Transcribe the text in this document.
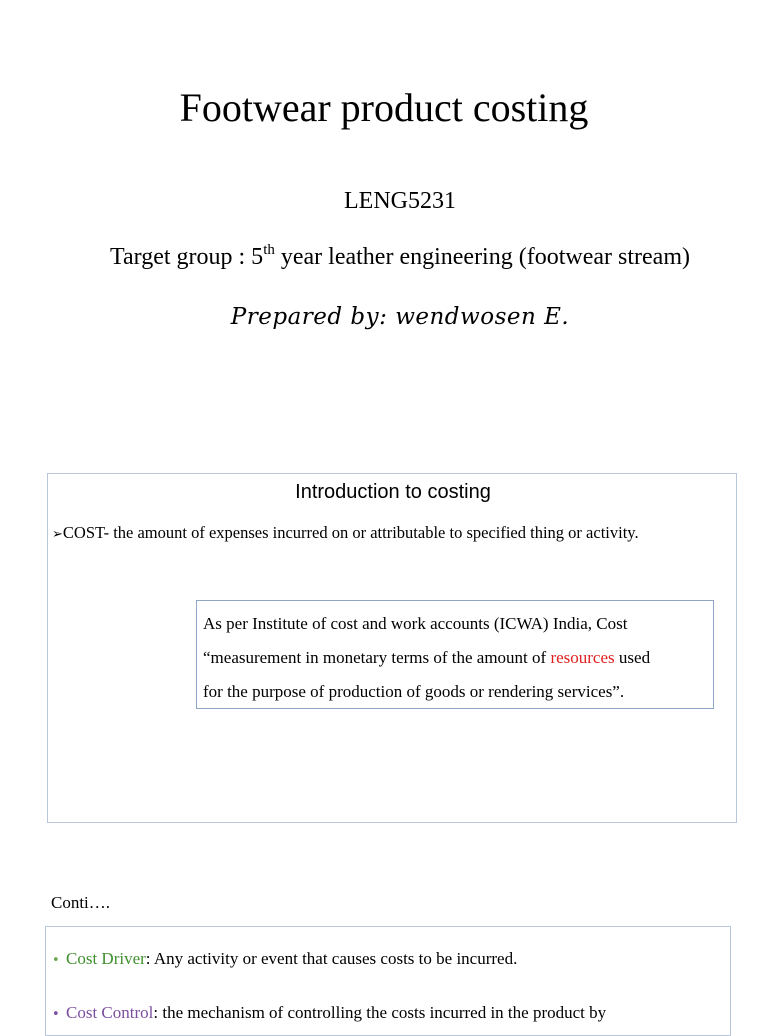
Footwear product costing
LENG5231
Target group : 5th year leather engineering (footwear stream)
Prepared by: wendwosen E.
Introduction to costing
➢COST- the amount of expenses incurred on or attributable to specified thing or activity.
As per Institute of cost and work accounts (ICWA) India, Cost
“measurement in monetary terms of the amount of resources used
for the purpose of production of goods or rendering services”.
Conti….
• Cost Driver: Any activity or event that causes costs to be incurred.
• Cost Control: the mechanism of controlling the costs incurred in the product by
